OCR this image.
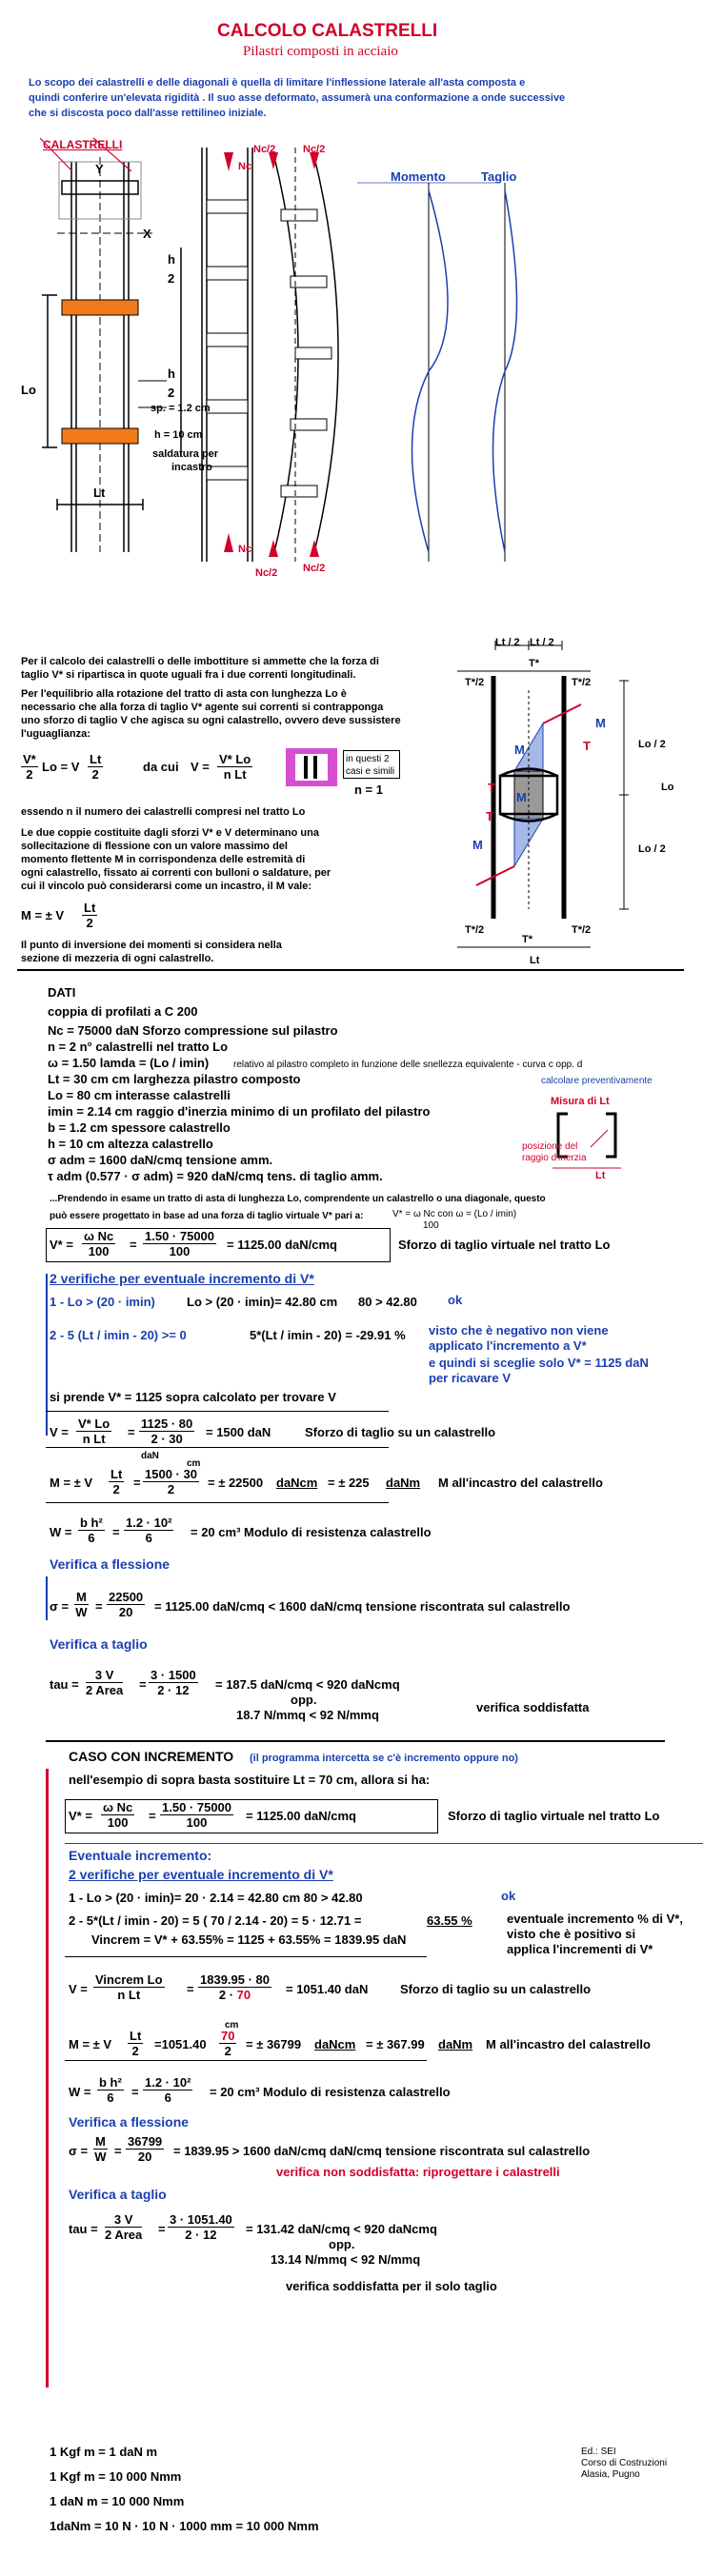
CALCOLO CALASTRELLI
Pilastri composti in acciaio
Lo scopo dei calastrelli e delle diagonali è quella di limitare l'inflessione laterale all'asta composta e
quindi conferire un'elevata rigidità . Il suo asse deformato, assumerà una conformazione a onde successive
che si discosta poco dall'asse rettilineo iniziale.
CALASTRELLI
Y
X
Lo
sp. = 1.2 cm
h = 10 cm
saldatura per
incastro
Lt
Nc
Nc
Nc/2	Nc/2
Nc/2 Nc/2
h
2
h
2
Momento	Taglio
Per il calcolo dei calastrelli o delle imbottiture si ammette che la forza di
taglio V* si ripartisca in quote uguali fra i due correnti longitudinali.
Per l'equilibrio alla rotazione del tratto di asta con lunghezza Lo è
necessario che alla forza di taglio V* agente sui correnti si contrapponga
uno sforzo di taglio V che agisca su ogni calastrello, ovvero deve sussistere
l'uguaglianza:
$\frac{V*}{2}$ Lo = V $\frac{Lt}{2}$	da cui $V = \frac{V* Lo}{\text{n Lt}}$	in questi 2
casi e simili
n = 1
essendo n il numero dei calastrelli compresi nel tratto Lo
Le due coppie costituite dagli sforzi V* e V determinano una
sollecitazione di flessione con un valore massimo del
momento flettente M in corrispondenza delle estremità di
ogni calastrello, fissato ai correnti con bulloni o saldature, per
cui il vincolo può considerarsi come un incastro, il M vale:
M = ± V $\frac{Lt}{2}$
Il punto di inversione dei momenti si considera nella
sezione di mezzeria di ogni calastrello.
Lt / 2 Lt / 2
T*
T*/2	T*/2
M
T
M
T
M
T
M
Lo / 2
Lo / 2
Lo
T*/2	T*/2
T*
Lt
DATI
coppia di profilati a C 200
Nc = 75000 daN Sforzo compressione sul pilastro
n = 2 n° calastrelli nel tratto Lo
ω = 1.50 lamda = (Lo / imin)	relativo al pilastro completo in funzione delle snellezza equivalente - curva c opp. d
Lt = 30 cm cm larghezza pilastro composto	calcolare preventivamente
Lo = 80 cm interasse calastrelli
imin = 2.14 cm raggio d'inerzia minimo di un profilato del pilastro
b = 1.2 cm spessore calastrello
h = 10 cm altezza calastrello
σ adm = 1600 daN/cmq tensione amm.
τ adm (0.577 · σ adm) = 920 daN/cmq tens. di taglio amm.
Misura di Lt
posizione del
raggio d'inerzia
Lt
...Prendendo in esame un tratto di asta di lunghezza Lo, comprendente un calastrello o una diagonale, questo
può essere progettato in base ad una forza di taglio virtuale V* pari a:	V* = ω Nc con ω = (Lo / imin)
100
$V* = \frac{\text{ω Nc}}{100} = \frac{1.50 \cdot 75000}{100} = 1125.00$ daN/cmq	Sforzo di taglio virtuale nel tratto Lo
2 verifiche per eventuale incremento di V*
1 - Lo > (20 · imin)	Lo > (20 · imin)= 42.80 cm 80 > 42.80 ok
2 - 5 (Lt / imin - 20) >= 0	5*(Lt / imin - 20) = -29.91 % visto che è negativo non viene
applicato l'incremento a V*
e quindi si sceglie solo V* = 1125 daN
per ricavare V
si prende V* = 1125 sopra calcolato per trovare V
$V = \frac{V* Lo}{\text{n Lt}} = \frac{1125 \cdot 80}{2 \cdot 30} = 1500$ daN	Sforzo di taglio su un calastrello
daN
cm
M = ± V $\frac{Lt}{2} = \frac{1500 \cdot 30}{2}$ = ± 22500 daNcm = ± 225 daNm M all'incastro del calastrello
$W = \frac{\text{b h²}}{6} = \frac{\text{1.2 · 10²}}{6} = 20$ cm³ Modulo di resistenza calastrello
Verifica a flessione
$\sigma = \frac{M}{W} = \frac{22500}{20} = 1125.00$ daN/cmq < 1600 daN/cmq tensione riscontrata sul calastrello
Verifica a taglio
tau =
3 V
2 Area = $\frac{3 \cdot 1500}{2 \cdot 12} = 187.5$ daN/cmq < 920 daNcmq
opp.
18.7 N/mmq < 92 N/mmq
verifica soddisfatta
CASO CON INCREMENTO (il programma intercetta se c'è incremento oppure no)
nell'esempio di sopra basta sostituire Lt = 70 cm, allora si ha:
$V* = \frac{\text{ω Nc}}{100} = \frac{1.50 \cdot 75000}{100} = 1125.00$ daN/cmq	Sforzo di taglio virtuale nel tratto Lo
Eventuale incremento:
2 verifiche per eventuale incremento di V*
1 - Lo > (20 · imin)= 20 · 2.14 = 42.80 cm 80 > 42.80	ok
2 - 5*(Lt / imin - 20) = 5 ( 70 / 2.14 - 20) = 5 · 12.71 =	63.55 %	eventuale incremento % di V*,
visto che è positivo si
applica l'incrementi di V*
Vincrem = V* + 63.55% = 1125 + 63.55% = 1839.95 daN
V =
Vincrem Lo
n Lt	= $\frac{1839.95 \cdot 80}{2 \cdot 70} = 1051.40$ daN	Sforzo di taglio su un calastrello
cm
M = ± V $\frac{Lt}{2} =1051.40 \frac{70}{2}$ = ± 36799 daNcm = ± 367.99 daNm M all'incastro del calastrello
$W = \frac{\text{b h²}}{6} = \frac{\text{1.2 · 10²}}{6} = 20$ cm³ Modulo di resistenza calastrello
Verifica a flessione
$\sigma = \frac{M}{W} = \frac{36799}{20} = 1839.95 > 1600$ daN/cmq daN/cmq tensione riscontrata sul calastrello
verifica non soddisfatta: riprogettare i calastrelli
Verifica a taglio
tau =
3 V
2 Area = $\frac{3 \cdot 1051.40}{2 \cdot 12} = 131.42$ daN/cmq < 920 daNcmq
opp.
13.14 N/mmq < 92 N/mmq
verifica soddisfatta per il solo taglio
1 Kgf m = 1 daN m
1 Kgf m = 10 000 Nmm
1 daN m = 10 000 Nmm
1daNm = 10 N · 10 N · 1000 mm = 10 000 Nmm
Ed.: SEI
Corso di Costruzioni
Alasia, Pugno
